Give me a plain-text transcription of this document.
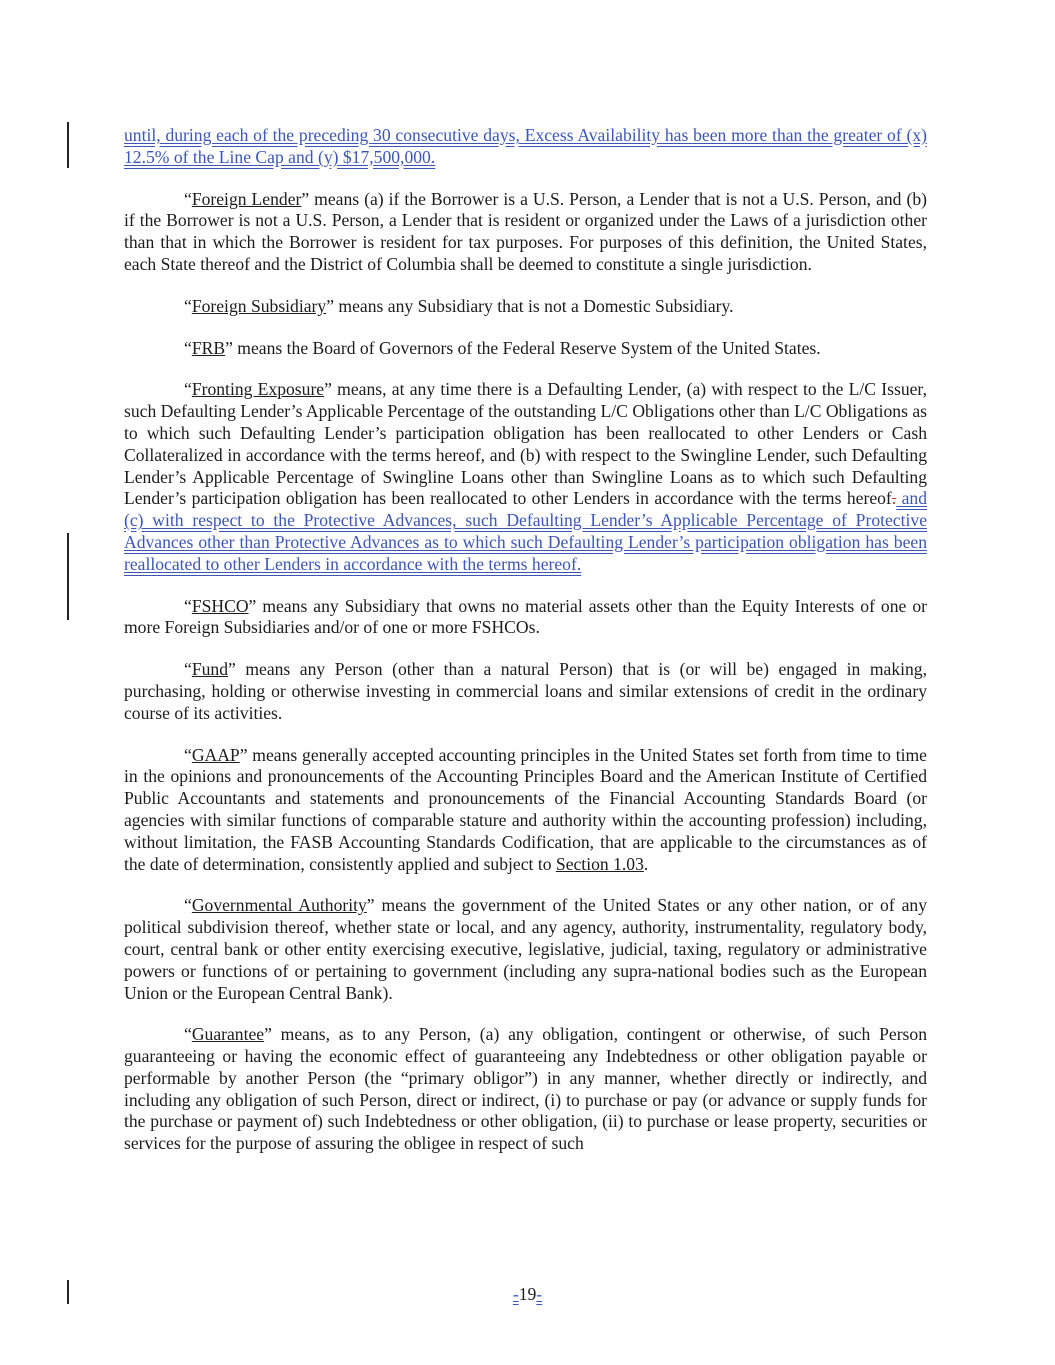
until, during each of the preceding 30 consecutive days, Excess Availability has been more than the greater of (x) 12.5% of the Line Cap and (y) $17,500,000.

“Foreign Lender” means (a) if the Borrower is a U.S. Person, a Lender that is not a U.S. Person, and (b) if the Borrower is not a U.S. Person, a Lender that is resident or organized under the Laws of a jurisdiction other than that in which the Borrower is resident for tax purposes. For purposes of this definition, the United States, each State thereof and the District of Columbia shall be deemed to constitute a single jurisdiction.

“Foreign Subsidiary” means any Subsidiary that is not a Domestic Subsidiary.

“FRB” means the Board of Governors of the Federal Reserve System of the United States.

“Fronting Exposure” means, at any time there is a Defaulting Lender, (a) with respect to the L/C Issuer, such Defaulting Lender’s Applicable Percentage of the outstanding L/C Obligations other than L/C Obligations as to which such Defaulting Lender’s participation obligation has been reallocated to other Lenders or Cash Collateralized in accordance with the terms hereof, and (b) with respect to the Swingline Lender, such Defaulting Lender’s Applicable Percentage of Swingline Loans other than Swingline Loans as to which such Defaulting Lender’s participation obligation has been reallocated to other Lenders in accordance with the terms hereof. and (c) with respect to the Protective Advances, such Defaulting Lender’s Applicable Percentage of Protective Advances other than Protective Advances as to which such Defaulting Lender’s participation obligation has been reallocated to other Lenders in accordance with the terms hereof.

“FSHCO” means any Subsidiary that owns no material assets other than the Equity Interests of one or more Foreign Subsidiaries and/or of one or more FSHCOs.

“Fund” means any Person (other than a natural Person) that is (or will be) engaged in making, purchasing, holding or otherwise investing in commercial loans and similar extensions of credit in the ordinary course of its activities.

“GAAP” means generally accepted accounting principles in the United States set forth from time to time in the opinions and pronouncements of the Accounting Principles Board and the American Institute of Certified Public Accountants and statements and pronouncements of the Financial Accounting Standards Board (or agencies with similar functions of comparable stature and authority within the accounting profession) including, without limitation, the FASB Accounting Standards Codification, that are applicable to the circumstances as of the date of determination, consistently applied and subject to Section 1.03.

“Governmental Authority” means the government of the United States or any other nation, or of any political subdivision thereof, whether state or local, and any agency, authority, instrumentality, regulatory body, court, central bank or other entity exercising executive, legislative, judicial, taxing, regulatory or administrative powers or functions of or pertaining to government (including any supra-national bodies such as the European Union or the European Central Bank).

“Guarantee” means, as to any Person, (a) any obligation, contingent or otherwise, of such Person guaranteeing or having the economic effect of guaranteeing any Indebtedness or other obligation payable or performable by another Person (the “primary obligor”) in any manner, whether directly or indirectly, and including any obligation of such Person, direct or indirect, (i) to purchase or pay (or advance or supply funds for the purchase or payment of) such Indebtedness or other obligation, (ii) to purchase or lease property, securities or services for the purpose of assuring the obligee in respect of such

-19-
